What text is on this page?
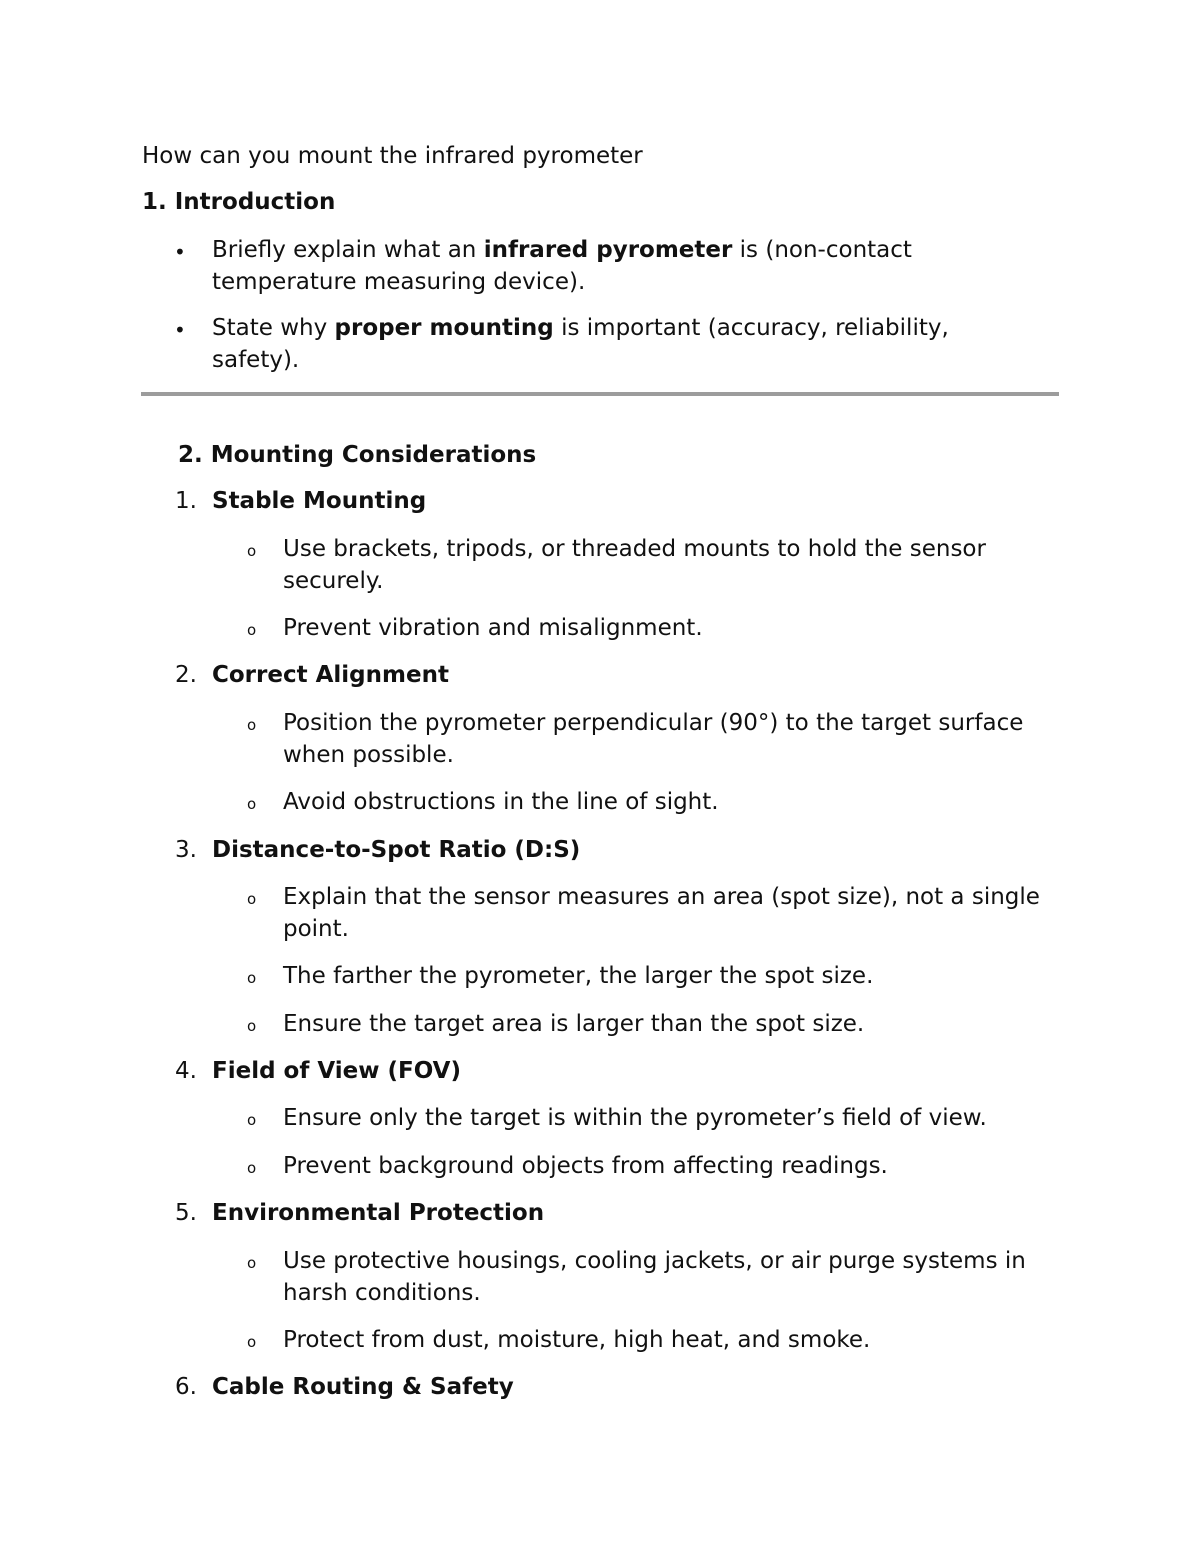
How can you mount the infrared pyrometer
1. Introduction
• Briefly explain what an infrared pyrometer is (non-contact temperature measuring device).
• State why proper mounting is important (accuracy, reliability, safety).
2. Mounting Considerations
1. Stable Mounting
o Use brackets, tripods, or threaded mounts to hold the sensor securely.
o Prevent vibration and misalignment.
2. Correct Alignment
o Position the pyrometer perpendicular (90°) to the target surface when possible.
o Avoid obstructions in the line of sight.
3. Distance-to-Spot Ratio (D:S)
o Explain that the sensor measures an area (spot size), not a single point.
o The farther the pyrometer, the larger the spot size.
o Ensure the target area is larger than the spot size.
4. Field of View (FOV)
o Ensure only the target is within the pyrometer’s field of view.
o Prevent background objects from affecting readings.
5. Environmental Protection
o Use protective housings, cooling jackets, or air purge systems in harsh conditions.
o Protect from dust, moisture, high heat, and smoke.
6. Cable Routing & Safety
